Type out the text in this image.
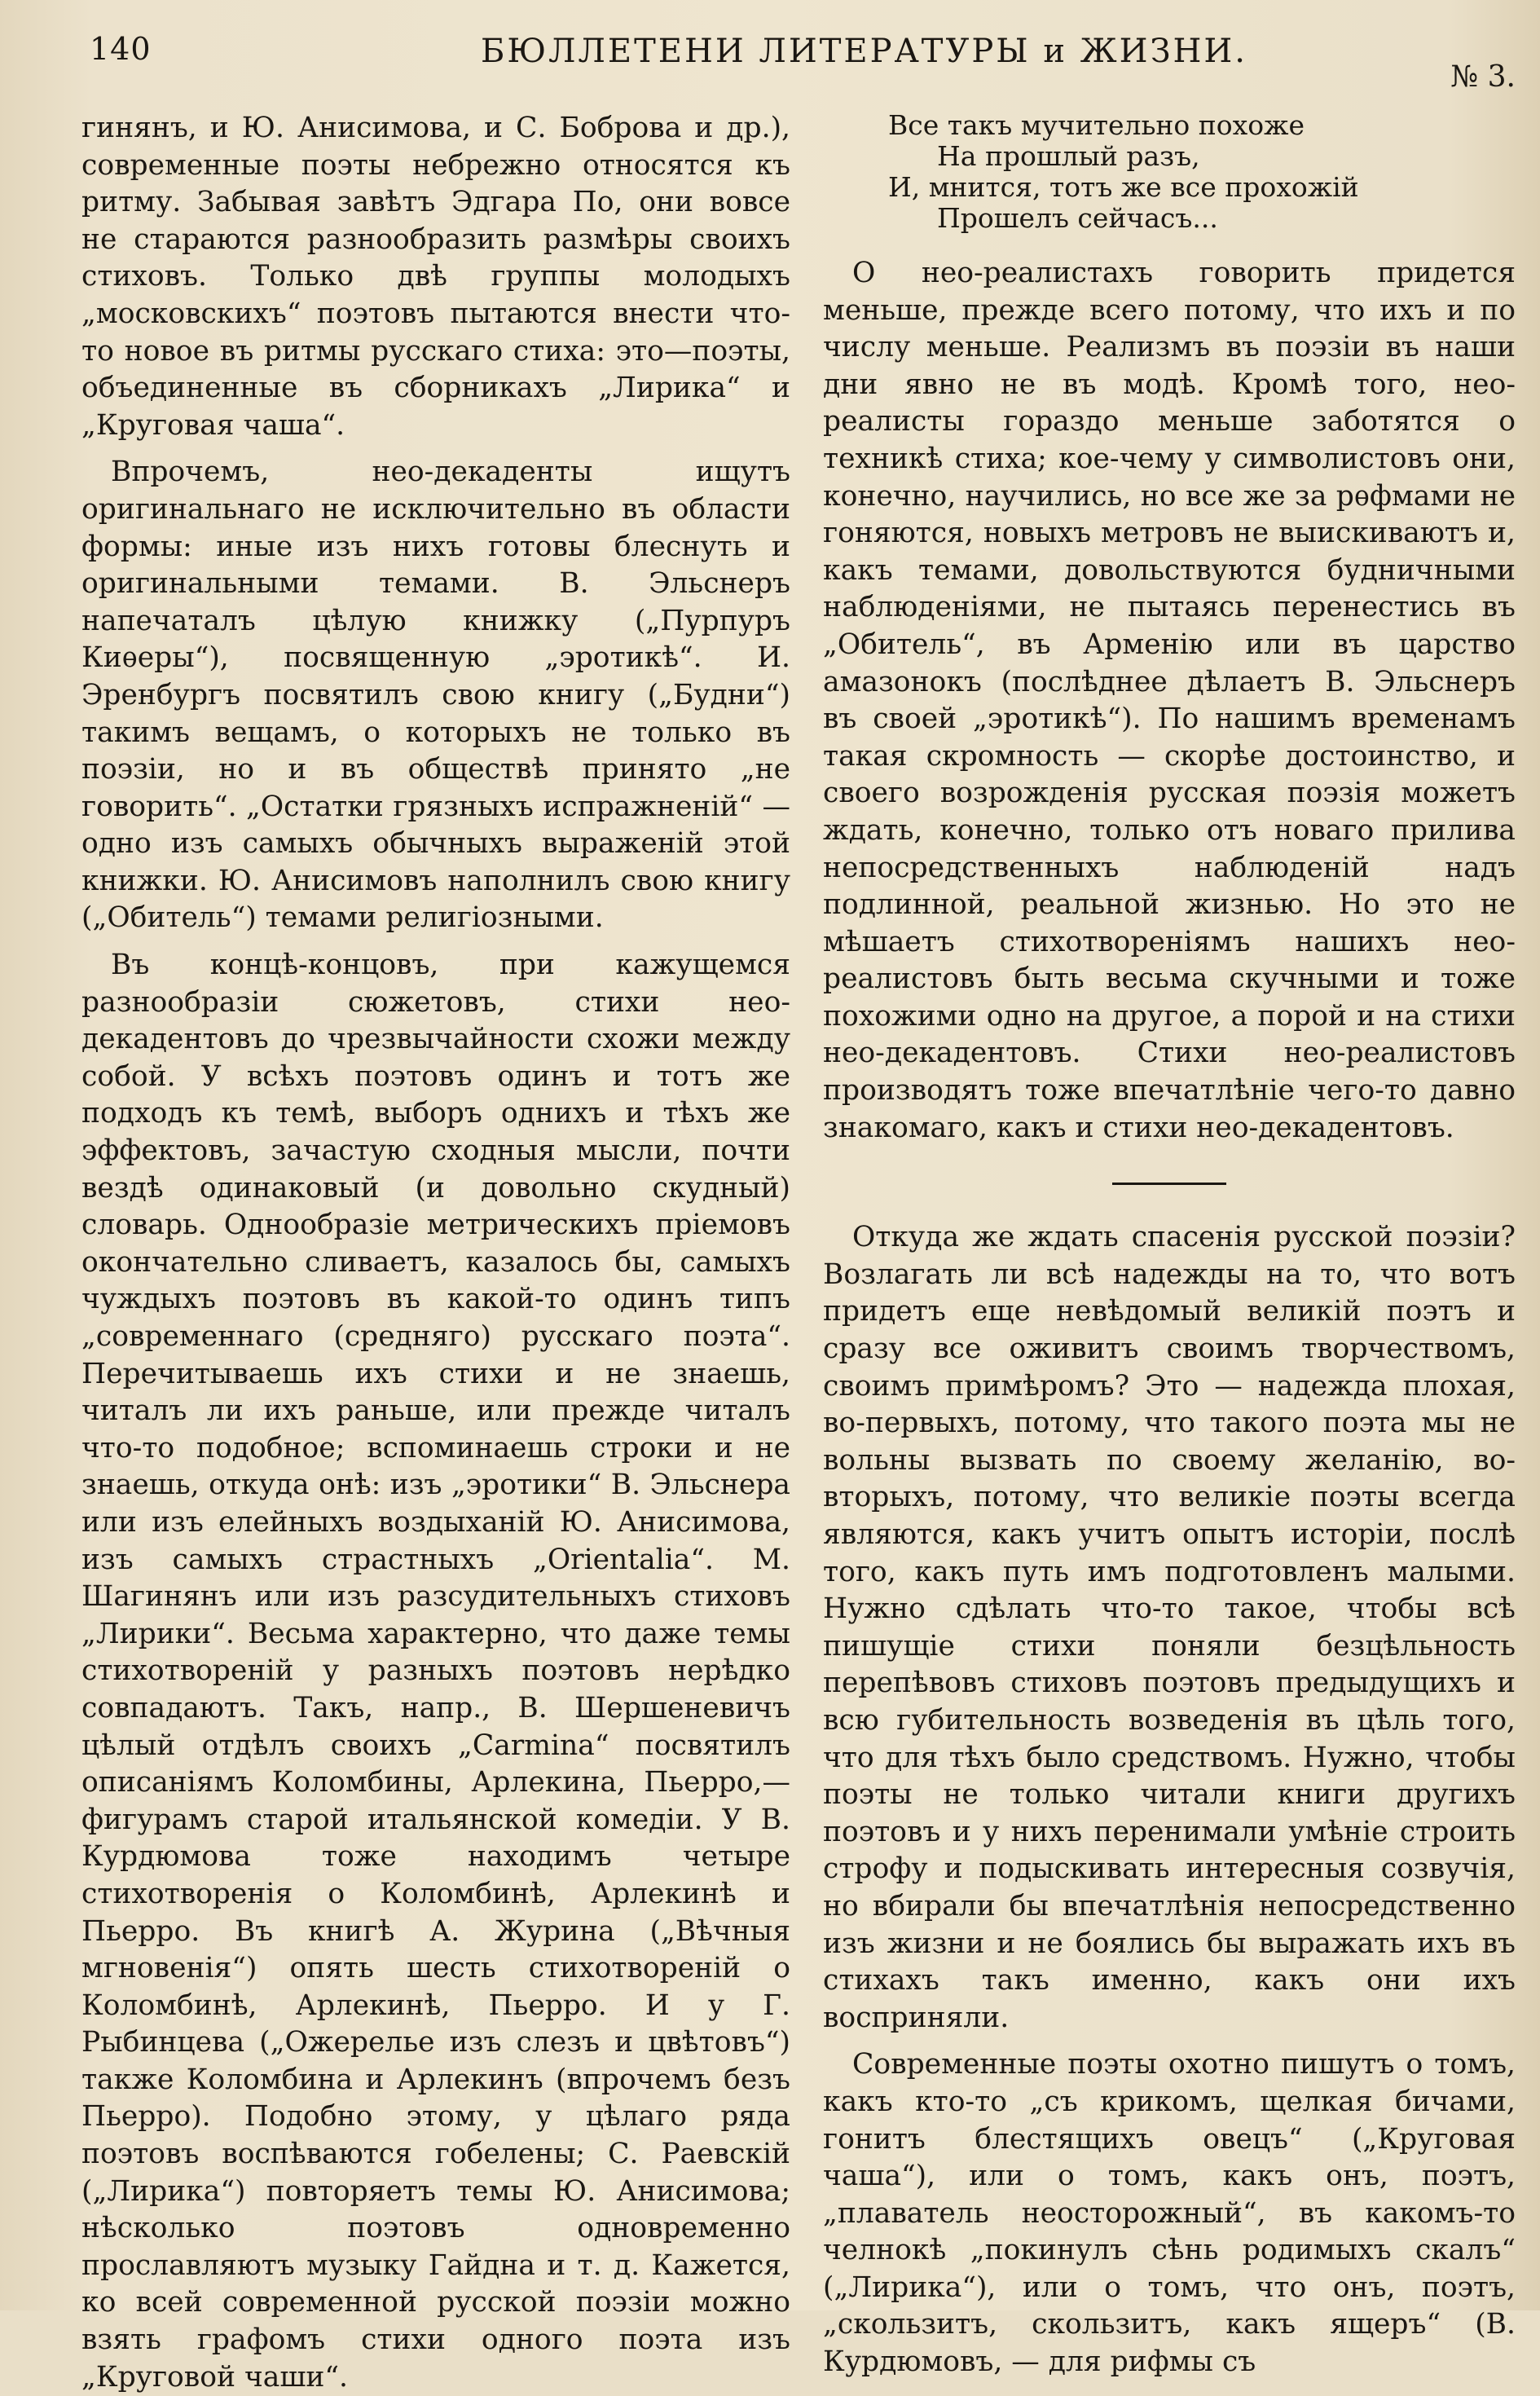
140	БЮЛЛЕТЕНИ ЛИТЕРАТУРЫ и ЖИЗНИ.
№ 3.

гинянъ, и Ю. Анисимова, и С. Боброва и др.), современные поэты небрежно относятся къ ритму. Забывая завѣтъ Эдгара По, они вовсе не стараются разнообразить размѣры своихъ стиховъ. Только двѣ группы молодыхъ „московскихъ“ поэтовъ пытаются внести что-то новое въ ритмы русскаго стиха: это—поэты, объединенные въ сборникахъ „Лирика“ и „Круговая чаша“.

Впрочемъ, нео-декаденты ищутъ оригинальнаго не исключительно въ области формы: иные изъ нихъ готовы блеснуть и оригинальными темами. В. Эльснеръ напечаталъ цѣлую книжку („Пурпуръ Киѳеры“), посвященную „эротикѣ“. И. Эренбургъ посвятилъ свою книгу („Будни“) такимъ вещамъ, о которыхъ не только въ поэзіи, но и въ обществѣ принято „не говорить“. „Остатки грязныхъ испражненій“ — одно изъ самыхъ обычныхъ выраженій этой книжки. Ю. Анисимовъ наполнилъ свою книгу („Обитель“) темами религіозными.

Въ концѣ-концовъ, при кажущемся разнообразіи сюжетовъ, стихи нео-декадентовъ до чрезвычайности схожи между собой. У всѣхъ поэтовъ одинъ и тотъ же подходъ къ темѣ, выборъ однихъ и тѣхъ же эффектовъ, зачастую сходныя мысли, почти вездѣ одинаковый (и довольно скудный) словарь. Однообразіе метрическихъ пріемовъ окончательно сливаетъ, казалось бы, самыхъ чуждыхъ поэтовъ въ какой-то одинъ типъ „современнаго (средняго) русскаго поэта“. Перечитываешь ихъ стихи и не знаешь, читалъ ли ихъ раньше, или прежде читалъ что-то подобное; вспоминаешь строки и не знаешь, откуда онѣ: изъ „эротики“ В. Эльснера или изъ елейныхъ воздыханій Ю. Анисимова, изъ самыхъ страстныхъ „Orientalia“. М. Шагинянъ или изъ разсудительныхъ стиховъ „Лирики“. Весьма характерно, что даже темы стихотвореній у разныхъ поэтовъ нерѣдко совпадаютъ. Такъ, напр., В. Шершеневичъ цѣлый отдѣлъ своихъ „Carmina“ посвятилъ описаніямъ Коломбины, Арлекина, Пьерро,— фигурамъ старой итальянской комедіи. У В. Курдюмова тоже находимъ четыре стихотворенія о Коломбинѣ, Арлекинѣ и Пьерро. Въ книгѣ А. Журина („Вѣчныя мгновенія“) опять шесть стихотвореній о Коломбинѣ, Арлекинѣ, Пьерро. И у Г. Рыбинцева („Ожерелье изъ слезъ и цвѣтовъ“) также Коломбина и Арлекинъ (впрочемъ безъ Пьерро). Подобно этому, у цѣлаго ряда поэтовъ воспѣваются гобелены; С. Раевскій („Лирика“) повторяетъ темы Ю. Анисимова; нѣсколько поэтовъ одновременно прославляютъ музыку Гайдна и т. д. Кажется, ко всей современной русской поэзіи можно взять графомъ стихи одного поэта изъ „Круговой чаши“.

Все такъ мучительно похоже
На прошлый разъ,
И, мнится, тотъ же все прохожій
Прошелъ сейчасъ...

О нео-реалистахъ говорить придется меньше, прежде всего потому, что ихъ и по числу меньше. Реализмъ въ поэзіи въ наши дни явно не въ модѣ. Кромѣ того, нео-реалисты гораздо меньше заботятся о техникѣ стиха; кое-чему у символистовъ они, конечно, научились, но все же за рѳфмами не гоняются, новыхъ метровъ не выискиваютъ и, какъ темами, довольствуются будничными наблюденіями, не пытаясь перенестись въ „Обитель“, въ Арменію или въ царство амазонокъ (послѣднее дѣлаетъ В. Эльснеръ въ своей „эротикѣ“). По нашимъ временамъ такая скромность — скорѣе достоинство, и своего возрожденія русская поэзія можетъ ждать, конечно, только отъ новаго прилива непосредственныхъ наблюденій надъ подлинной, реальной жизнью. Но это не мѣшаетъ стихотвореніямъ нашихъ нео-реалистовъ быть весьма скучными и тоже похожими одно на другое, а порой и на стихи нео-декадентовъ. Стихи нео-реалистовъ производятъ тоже впечатлѣніе чего-то давно знакомаго, какъ и стихи нео-декадентовъ.

Откуда же ждать спасенія русской поэзіи? Возлагать ли всѣ надежды на то, что вотъ придетъ еще невѣдомый великій поэтъ и сразу все оживитъ своимъ творчествомъ, своимъ примѣромъ? Это — надежда плохая, во-первыхъ, потому, что такого поэта мы не вольны вызвать по своему желанію, во-вторыхъ, потому, что великіе поэты всегда являются, какъ учитъ опытъ исторіи, послѣ того, какъ путь имъ подготовленъ малыми. Нужно сдѣлать что-то такое, чтобы всѣ пишущіе стихи поняли безцѣльность перепѣвовъ стиховъ поэтовъ предыдущихъ и всю губительность возведенія въ цѣль того, что для тѣхъ было средствомъ. Нужно, чтобы поэты не только читали книги другихъ поэтовъ и у нихъ перенимали умѣніе строить строфу и подыскивать интересныя созвучія, но вбирали бы впечатлѣнія непосредственно изъ жизни и не боялись бы выражать ихъ въ стихахъ такъ именно, какъ они ихъ восприняли.

Современные поэты охотно пишутъ о томъ, какъ кто-то „съ крикомъ, щелкая бичами, гонитъ блестящихъ овецъ“ („Круговая чаша“), или о томъ, какъ онъ, поэтъ, „плаватель неосторожный“, въ какомъ-то челнокѣ „покинулъ сѣнь родимыхъ скалъ“ („Лирика“), или о томъ, что онъ, поэтъ, „скользитъ, скользитъ, какъ ящеръ“ (В. Курдюмовъ, — для рифмы съ
